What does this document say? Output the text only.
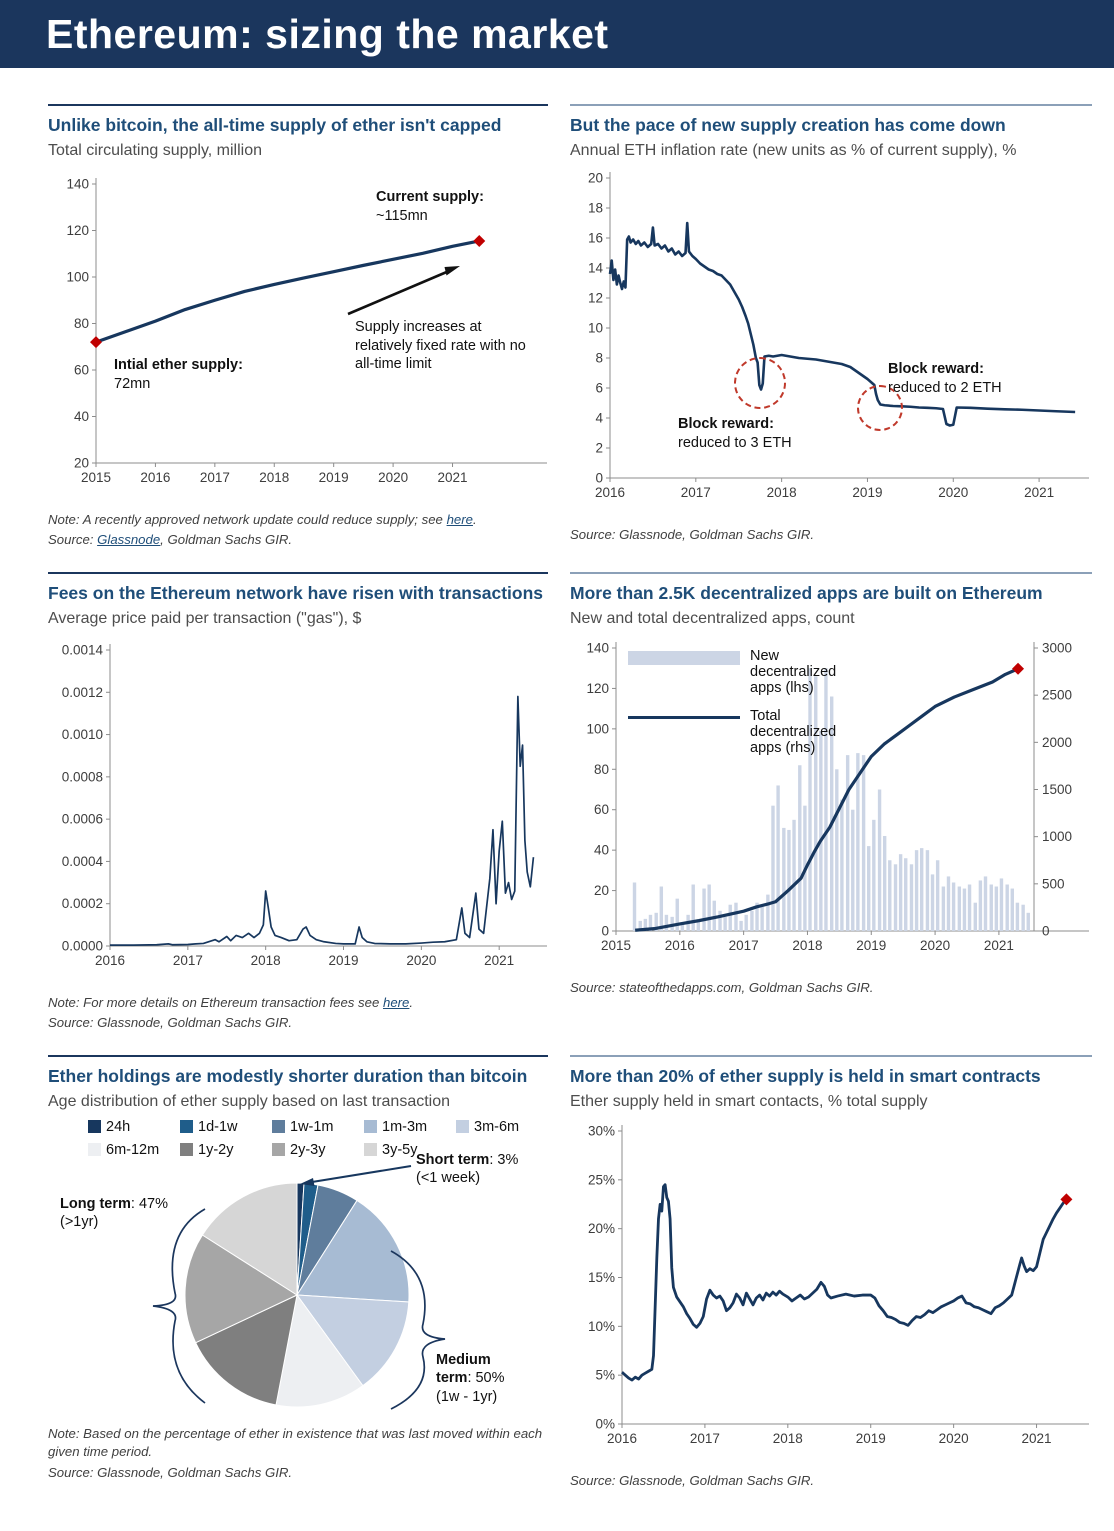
Ethereum: sizing the market
Unlike bitcoin, the all-time supply of ether isn't capped
Total circulating supply, million
20
40
60
80
100
120
140
2015 2016 2017 2018 2019 2020 2021
Current supply:
~115mn
Supply increases at relatively fixed rate with no all-time limit
Intial ether supply:
72mn
Note: A recently approved network update could reduce supply; see here.
Source: Glassnode, Goldman Sachs GIR.
But the pace of new supply creation has come down
Annual ETH inflation rate (new units as % of current supply), %
0
2
4
6
8
10
12
14
16
18
20
2016	2017	2018	2019	2020	2021
Block reward:
reduced to 3 ETH
Block reward:
reduced to 2 ETH
Source: Glassnode, Goldman Sachs GIR.
Fees on the Ethereum network have risen with transactions
Average price paid per transaction ("gas"), $
0.0000
0.0002
0.0004
0.0006
0.0008
0.0010
0.0012
0.0014
2016	2017	2018	2019	2020	2021
Note: For more details on Ethereum transaction fees see here.
Source: Glassnode, Goldman Sachs GIR.
More than 2.5K decentralized apps are built on Ethereum
New and total decentralized apps, count
0
20
40
60
80
100
120
140
2015	2016	2017	2018	2019	2020	2021
0
500
1000
1500
2000
2500
3000
New decentralized apps (lhs)
Total decentralized apps (rhs)
Source: stateofthedapps.com, Goldman Sachs GIR.
Ether holdings are modestly shorter duration than bitcoin
Age distribution of ether supply based on last transaction
24h	1d-1w	1w-1m	1m-3m	3m-6m
6m-12m	1y-2y	2y-3y	3y-5y
Short term: 3%
(<1 week)
Long term: 47%
(>1yr)
Medium
term: 50%
(1w - 1yr)
Note: Based on the percentage of ether in existence that was last moved within each given time period.
Source: Glassnode, Goldman Sachs GIR.
More than 20% of ether supply is held in smart contracts
Ether supply held in smart contacts, % total supply
0%
5%
10%
15%
20%
25%
30%
2016	2017	2018	2019	2020	2021
Source: Glassnode, Goldman Sachs GIR.
